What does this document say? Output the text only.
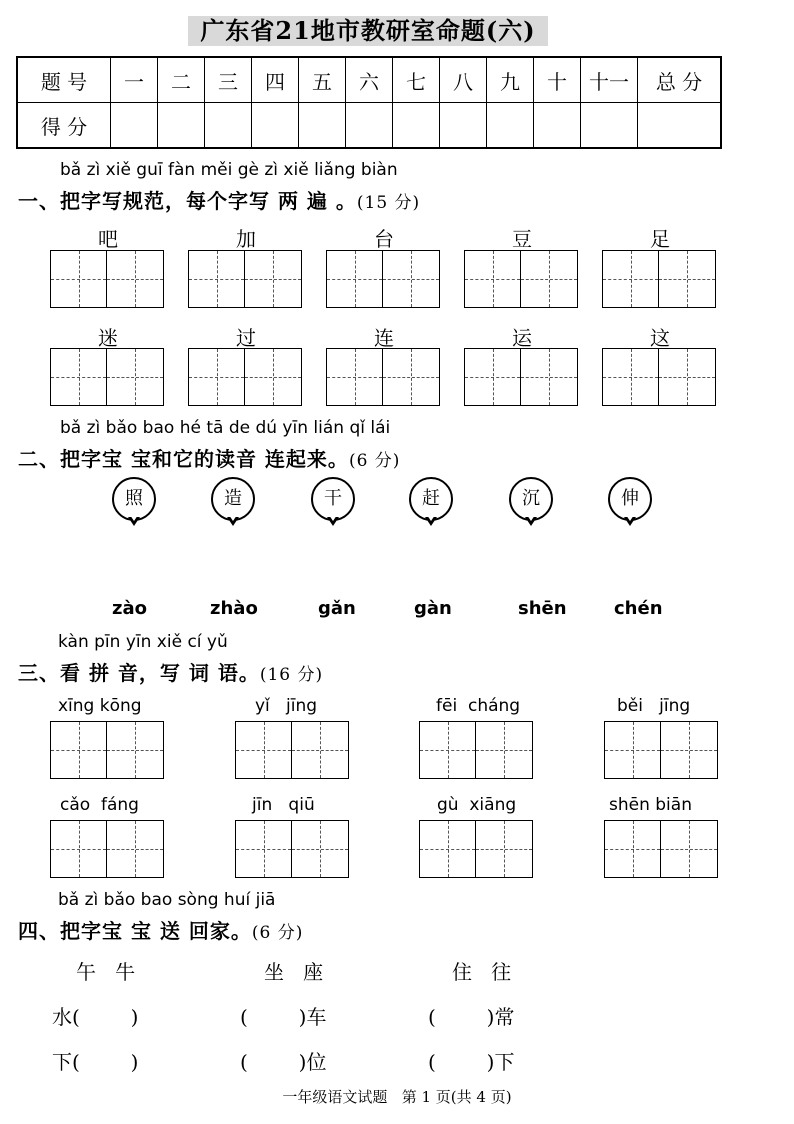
广东省21地市教研室命题(六)
题 号	一	二	三	四	五	六	七	八	九	十	十一	总 分
得 分												
bǎ zì xiě guī fàn měi gè zì xiě liǎng biàn
一、把字写规范，每个字写 两 遍 。(15 分)
吧	加	台	豆	足
迷	过	连	运	这
bǎ zì bǎo bao hé tā de dú yīn lián qǐ lái
二、把字宝 宝和它的读音 连起来。(6 分)
照	造	干	赶	沉	伸
zào	zhào	gǎn	gàn	shēn	chén
kàn pīn yīn xiě cí yǔ
三、看 拼 音，写 词 语。(16 分)
xīng kōng	yǐ   jīng	fēi  cháng	běi   jīng
cǎo  fáng	jīn   qiū	gù  xiāng	shēn biān
bǎ zì bǎo bao sòng huí jiā
四、把字宝 宝 送 回家。(6 分)
午   牛	坐   座	住   往
水(        )	(        )车	(        )常
下(        )	(        )位	(        )下
一年级语文试题   第 1 页(共 4 页)
